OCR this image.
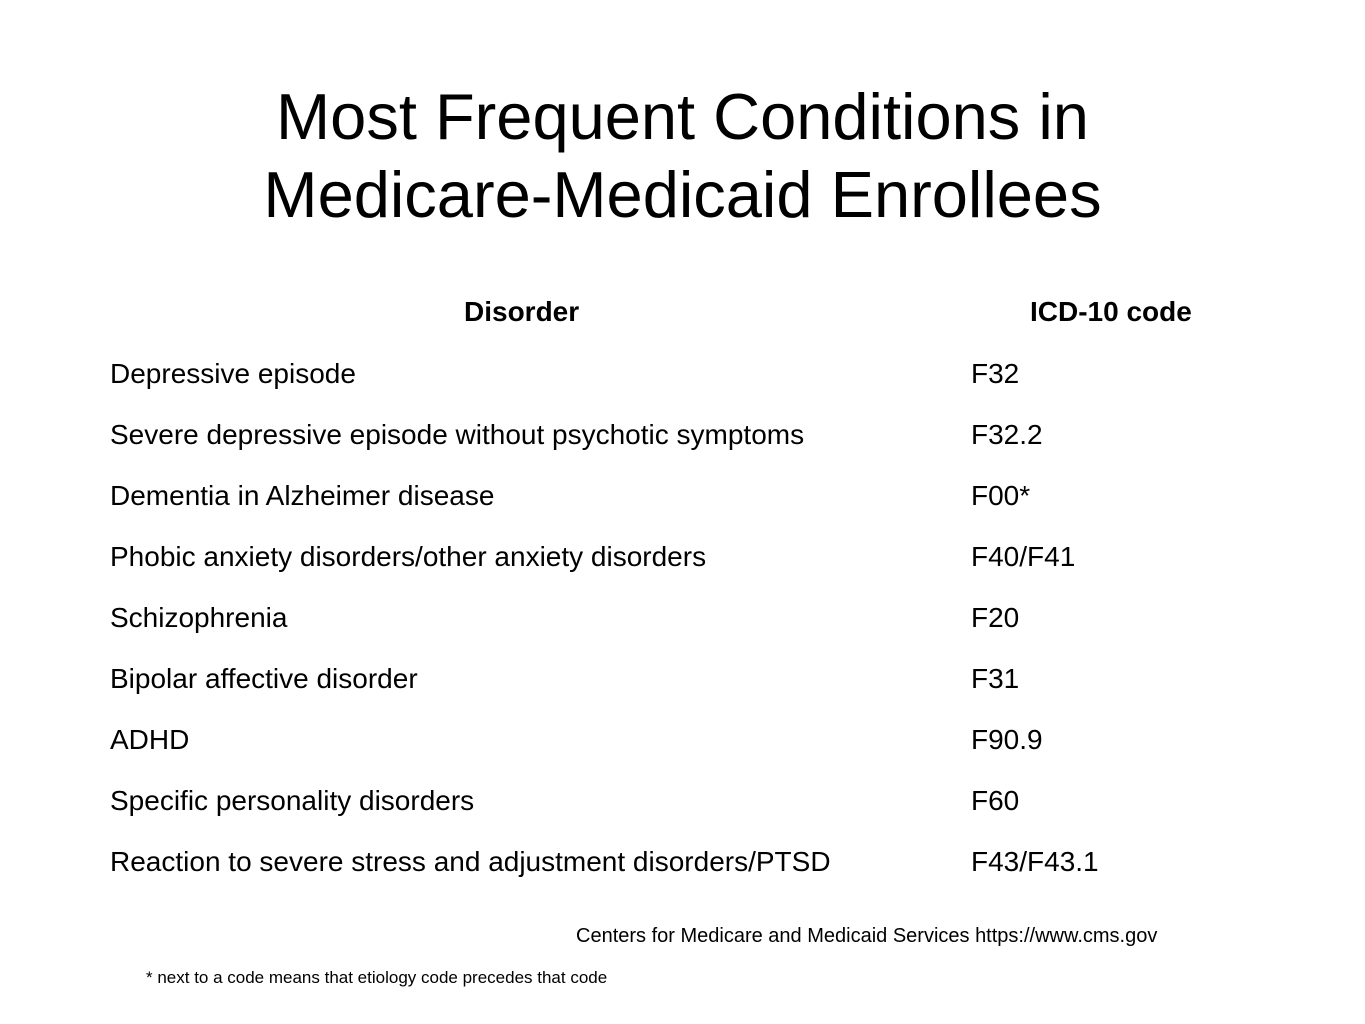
Most Frequent Conditions in
Medicare-Medicaid Enrollees
Disorder	ICD-10 code
Depressive episode	F32
Severe depressive episode without psychotic symptoms	F32.2
Dementia in Alzheimer disease	F00*
Phobic anxiety disorders/other anxiety disorders	F40/F41
Schizophrenia	F20
Bipolar affective disorder	F31
ADHD	F90.9
Specific personality disorders	F60
Reaction to severe stress and adjustment disorders/PTSD	F43/F43.1
Centers for Medicare and Medicaid Services https://www.cms.gov
* next to a code means that etiology code precedes that code
